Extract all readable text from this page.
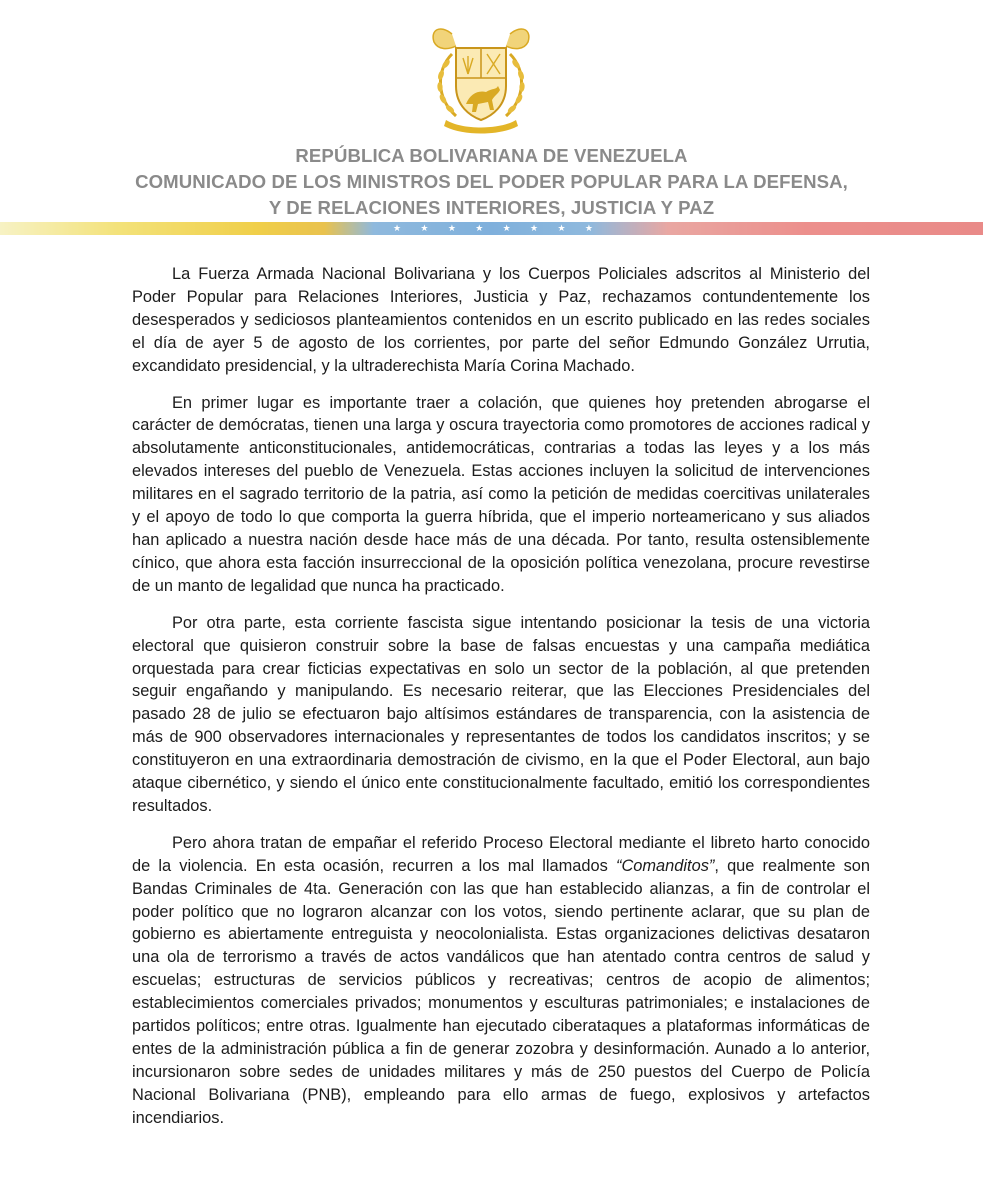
REPÚBLICA BOLIVARIANA DE VENEZUELA
COMUNICADO DE LOS MINISTROS DEL PODER POPULAR PARA LA DEFENSA,
Y DE RELACIONES INTERIORES, JUSTICIA Y PAZ
★ ★ ★ ★ ★ ★ ★ ★

La Fuerza Armada Nacional Bolivariana y los Cuerpos Policiales adscritos al Ministerio del Poder Popular para Relaciones Interiores, Justicia y Paz, rechazamos contundentemente los desesperados y sediciosos planteamientos contenidos en un escrito publicado en las redes sociales el día de ayer 5 de agosto de los corrientes, por parte del señor Edmundo González Urrutia, excandidato presidencial, y la ultraderechista María Corina Machado.

En primer lugar es importante traer a colación, que quienes hoy pretenden abrogarse el carácter de demócratas, tienen una larga y oscura trayectoria como promotores de acciones radical y absolutamente anticonstitucionales, antidemocráticas, contrarias a todas las leyes y a los más elevados intereses del pueblo de Venezuela. Estas acciones incluyen la solicitud de intervenciones militares en el sagrado territorio de la patria, así como la petición de medidas coercitivas unilaterales y el apoyo de todo lo que comporta la guerra híbrida, que el imperio norteamericano y sus aliados han aplicado a nuestra nación desde hace más de una década. Por tanto, resulta ostensiblemente cínico, que ahora esta facción insurreccional de la oposición política venezolana, procure revestirse de un manto de legalidad que nunca ha practicado.

Por otra parte, esta corriente fascista sigue intentando posicionar la tesis de una victoria electoral que quisieron construir sobre la base de falsas encuestas y una campaña mediática orquestada para crear ficticias expectativas en solo un sector de la población, al que pretenden seguir engañando y manipulando. Es necesario reiterar, que las Elecciones Presidenciales del pasado 28 de julio se efectuaron bajo altísimos estándares de transparencia, con la asistencia de más de 900 observadores internacionales y representantes de todos los candidatos inscritos; y se constituyeron en una extraordinaria demostración de civismo, en la que el Poder Electoral, aun bajo ataque cibernético, y siendo el único ente constitucionalmente facultado, emitió los correspondientes resultados.

Pero ahora tratan de empañar el referido Proceso Electoral mediante el libreto harto conocido de la violencia. En esta ocasión, recurren a los mal llamados “Comanditos”, que realmente son Bandas Criminales de 4ta. Generación con las que han establecido alianzas, a fin de controlar el poder político que no lograron alcanzar con los votos, siendo pertinente aclarar, que su plan de gobierno es abiertamente entreguista y neocolonialista. Estas organizaciones delictivas desataron una ola de terrorismo a través de actos vandálicos que han atentado contra centros de salud y escuelas; estructuras de servicios públicos y recreativas; centros de acopio de alimentos; establecimientos comerciales privados; monumentos y esculturas patrimoniales; e instalaciones de partidos políticos; entre otras. Igualmente han ejecutado ciberataques a plataformas informáticas de entes de la administración pública a fin de generar zozobra y desinformación. Aunado a lo anterior, incursionaron sobre sedes de unidades militares y más de 250 puestos del Cuerpo de Policía Nacional Bolivariana (PNB), empleando para ello armas de fuego, explosivos y artefactos incendiarios.
